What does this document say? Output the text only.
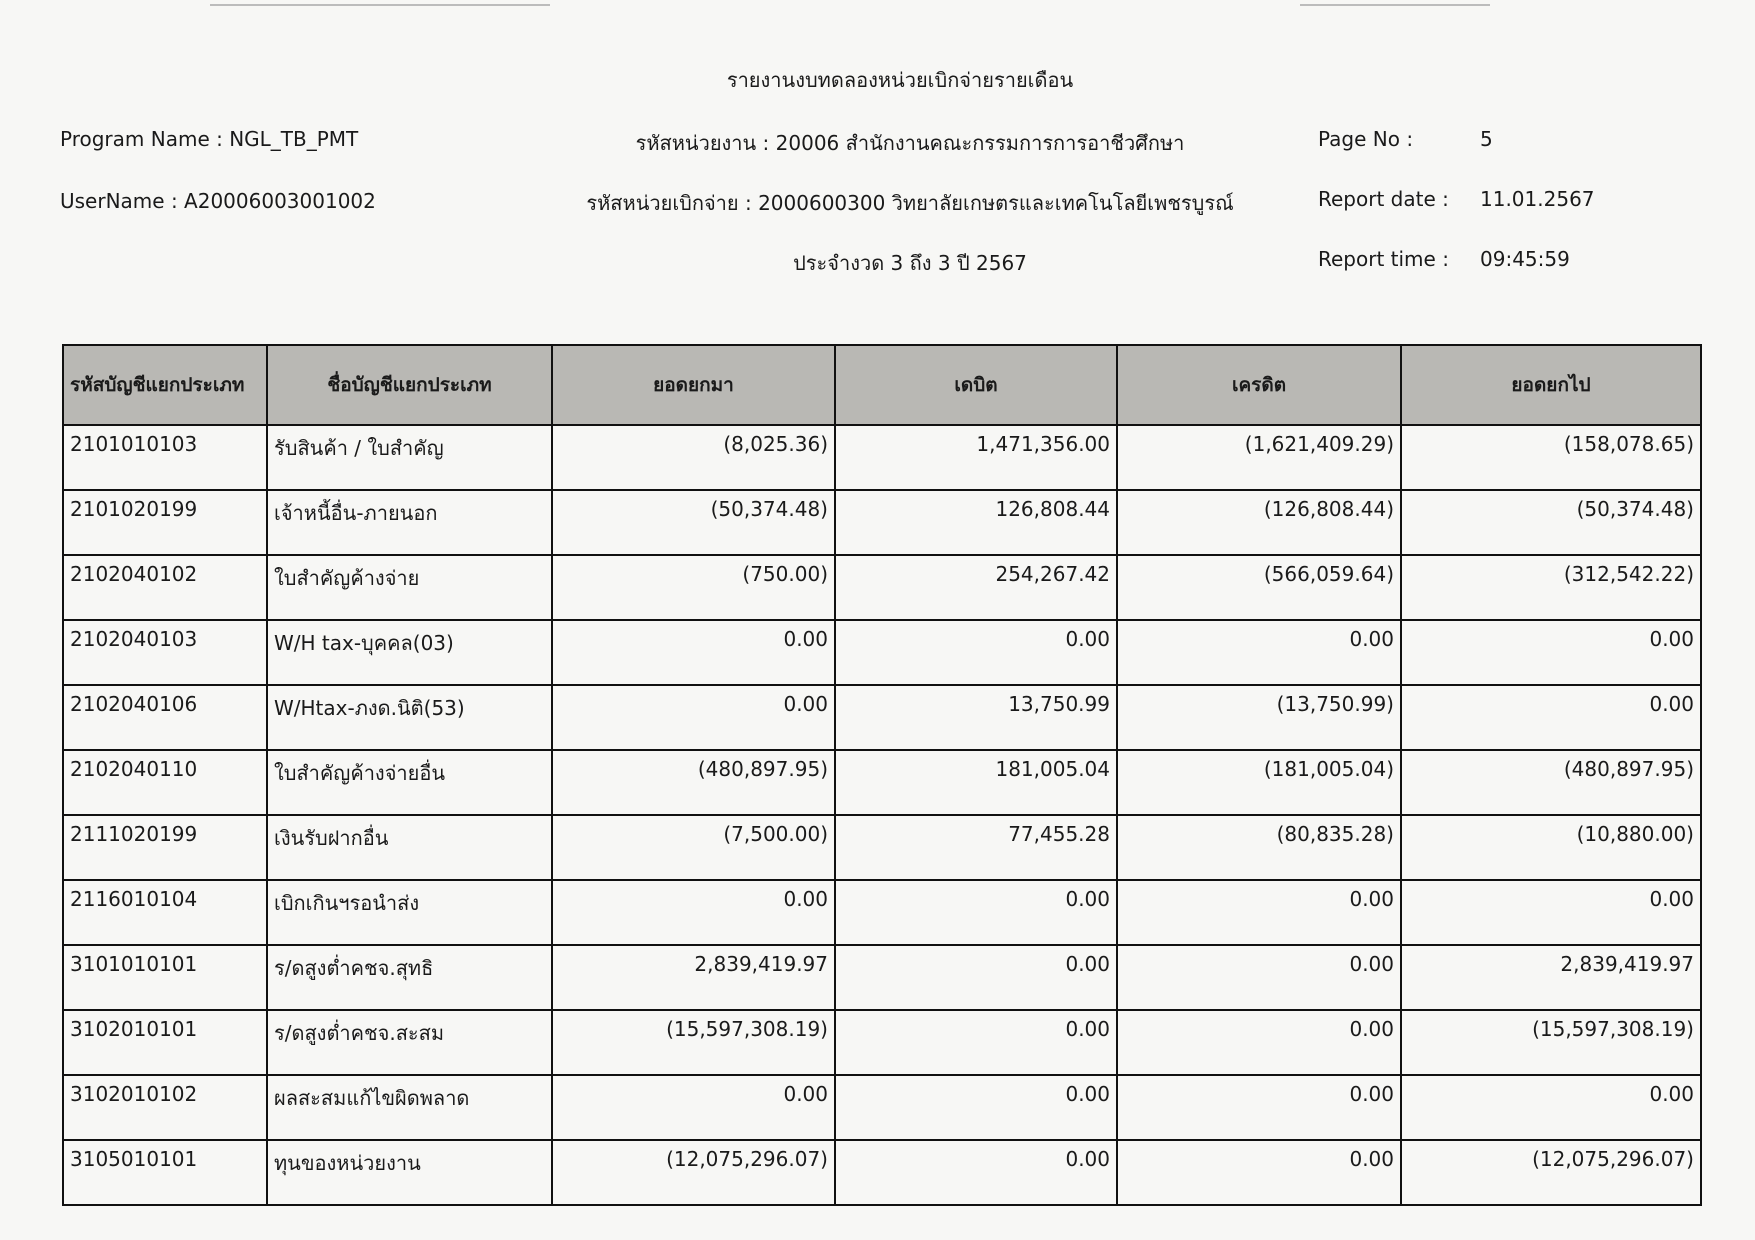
รายงานงบทดลองหน่วยเบิกจ่ายรายเดือน
Program Name : NGL_TB_PMT
UserName : A20006003001002
รหัสหน่วยงาน : 20006 สำนักงานคณะกรรมการการอาชีวศึกษา
รหัสหน่วยเบิกจ่าย : 2000600300 วิทยาลัยเกษตรและเทคโนโลยีเพชรบูรณ์
ประจำงวด 3 ถึง 3 ปี 2567
Page No :	5
Report date : 11.01.2567
Report time : 09:45:59
รหัสบัญชีแยกประเภท	ชื่อบัญชีแยกประเภท	ยอดยกมา	เดบิต	เครดิต	ยอดยกไป
2101010103	รับสินค้า / ใบสำคัญ	(8,025.36)	1,471,356.00	(1,621,409.29)	(158,078.65)
2101020199	เจ้าหนี้อื่น-ภายนอก	(50,374.48)	126,808.44	(126,808.44)	(50,374.48)
2102040102	ใบสำคัญค้างจ่าย	(750.00)	254,267.42	(566,059.64)	(312,542.22)
2102040103	W/H tax-บุคคล(03)	0.00	0.00	0.00	0.00
2102040106	W/Htax-ภงด.นิติ(53)	0.00	13,750.99	(13,750.99)	0.00
2102040110	ใบสำคัญค้างจ่ายอื่น	(480,897.95)	181,005.04	(181,005.04)	(480,897.95)
2111020199	เงินรับฝากอื่น	(7,500.00)	77,455.28	(80,835.28)	(10,880.00)
2116010104	เบิกเกินฯรอนำส่ง	0.00	0.00	0.00	0.00
3101010101	ร/ดสูงต่ำคชจ.สุทธิ	2,839,419.97	0.00	0.00	2,839,419.97
3102010101	ร/ดสูงต่ำคชจ.สะสม	(15,597,308.19)	0.00	0.00	(15,597,308.19)
3102010102	ผลสะสมแก้ไขผิดพลาด	0.00	0.00	0.00	0.00
3105010101	ทุนของหน่วยงาน	(12,075,296.07)	0.00	0.00	(12,075,296.07)
